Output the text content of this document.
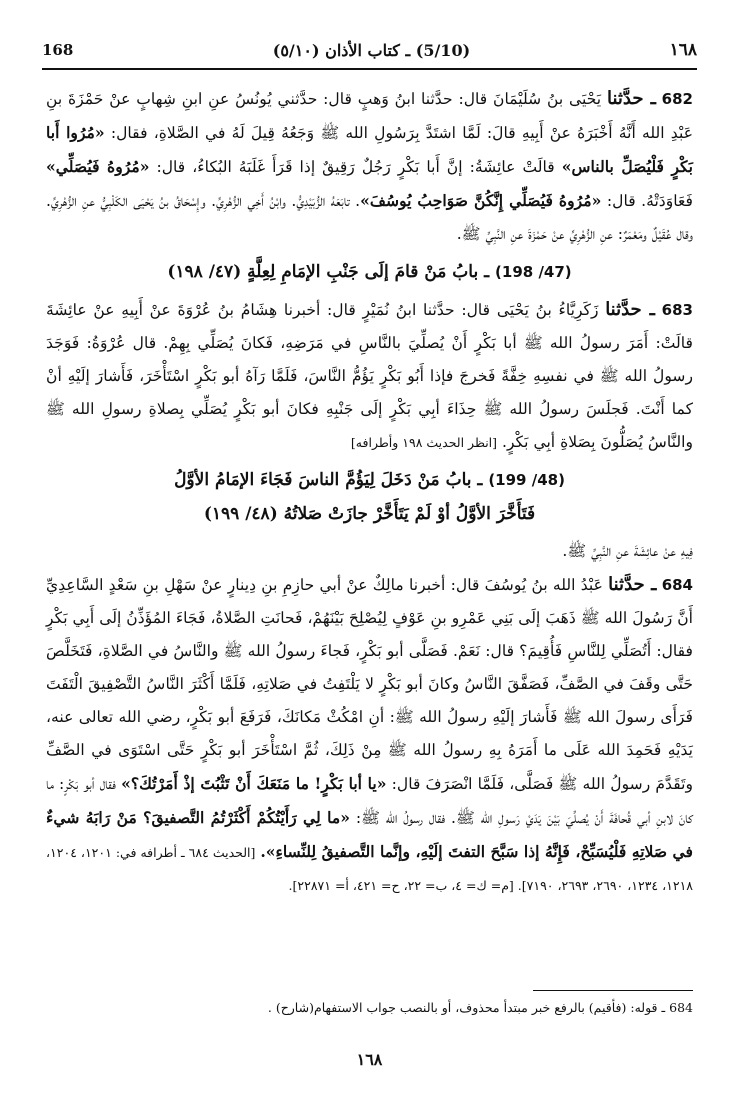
168	(5/10) ـ كتاب الأذان (٥/١٠)	١٦٨

682 ـ حدَّثنا يَحْيَى بنُ سُلَيْمَانَ قال: حدَّثنا ابنُ وَهبٍ قال: حدَّثني يُونُسُ عنِ ابنِ شِهابٍ عنْ حَمْزَةَ بنِ عَبْدِ الله أَنَّهُ أَخْبَرَهُ عنْ أَبِيهِ قالَ: لَمَّا اشتَدَّ بِرَسُولِ الله ﷺ وَجَعُهُ قِيلَ لَهُ في الصَّلاةِ، فقال: «مُرُوا أَبا بَكْرٍ فَلْيُصَلِّ بالناس» قالَتْ عائِشَةُ: إنَّ أَبا بَكْرٍ رَجُلٌ رَقِيقٌ إذا قَرَأَ غَلَبَهُ البُكاءُ، قال: «مُرُوهُ فَيُصَلِّي» فَعَاوَدَتْهُ. قال: «مُرُوهُ فَيُصَلِّي إِنَّكُنَّ صَوَاحِبُ يُوسُفَ». تابَعَهُ الزُّبَيْدِيُّ. وابْنُ أَخِي الزُّهْرِيِّ. وإِسْحَاقُ بنُ يَحْيَى الكَلْبِيُّ عنِ الزُّهْرِيِّ. وقال عُقَيْلٌ ومَعْمَرٌ: عنِ الزُّهْرِيِّ عنْ حَمْزَةَ عنِ النَّبِيِّ ﷺ.

(47/ 198) ـ بابُ مَنْ قامَ إلَى جَنْبِ الإمَامِ لِعِلَّةٍ (٤٧/ ١٩٨)

683 ـ حدَّثنا زَكَرِيَّاءُ بنُ يَحْيَى قال: حدَّثنا ابنُ نُمَيْرٍ قال: أخبرنا هِشَامُ بنُ عُرْوَةَ عنْ أَبِيهِ عنْ عائِشَةَ قالَتْ: أَمَرَ رسولُ الله ﷺ أبا بَكْرٍ أَنْ يُصلِّيَ بالنَّاسِ في مَرَضِهِ، فَكانَ يُصَلِّي بِهِمْ. قال عُرْوَةُ: فَوَجَدَ رسولُ الله ﷺ في نفسِهِ خِفَّةً فَخرجَ فإذا أَبُو بَكْرٍ يَؤُمُّ النَّاسَ، فَلَمَّا رَآهُ أبو بَكْرٍ اسْتَأْخَرَ، فَأَشارَ إلَيْهِ أنْ كما أَنْتَ. فَجلَسَ رسولُ الله ﷺ حِذَاءَ أبِي بَكْرٍ إلَى جَنْبِهِ فكانَ أبو بَكْرٍ يُصَلِّي بِصلاةِ رسولِ الله ﷺ والنَّاسُ يُصَلُّونَ بِصَلاةِ أبِي بَكْرٍ. [انظر الحديث ١٩٨ وأطرافه]

(48/ 199) ـ بابُ مَنْ دَخَلَ لِيَؤُمَّ الناسَ فَجَاءَ الإمَامُ الأوَّلُ
فَتَأَخَّرَ الأوَّلُ أوْ لَمْ يَتَأَخَّرْ جازَتْ صَلاتُهُ (٤٨/ ١٩٩)

فِيهِ عنْ عائِشَةَ عنِ النَّبِيِّ ﷺ.

684 ـ حدَّثنا عَبْدُ الله بنُ يُوسُفَ قال: أخبرنا مالِكٌ عنْ أبي حازِمِ بنِ دِينارٍ عنْ سَهْلِ بنِ سَعْدٍ السَّاعِدِيِّ أَنَّ رَسُولَ الله ﷺ ذَهَبَ إلَى بَنِي عَمْرِو بنِ عَوْفٍ لِيُصْلِحَ بَيْنَهُمْ، فَحانَتِ الصَّلاةُ، فَجَاءَ المُؤَذِّنُ إلَى أَبِي بَكْرٍ فقال: أَتُصَلِّي لِلنَّاسِ فَأُقِيمَ؟ قال: نَعَمْ. فَصَلَّى أبو بَكْرٍ، فَجاءَ رسولُ الله ﷺ والنَّاسُ في الصَّلاةِ، فَتَخَلَّصَ حَتَّى وقَفَ في الصَّفِّ، فَصَفَّقَ النَّاسُ وكانَ أبو بَكْرٍ لا يَلْتَفِتُ في صَلاتِهِ، فَلَمَّا أَكْثَرَ النَّاسُ التَّصْفِيقَ الْتَفَتَ فَرَأَى رسولَ الله ﷺ فَأَشارَ إلَيْهِ رسولُ الله ﷺ: أنِ امْكُثْ مَكانَكَ، فَرَفَعَ أبو بَكْرٍ، رضي الله تعالى عنه، يَدَيْهِ فَحَمِدَ الله عَلَى ما أَمَرَهُ بِهِ رسولُ الله ﷺ مِنْ ذَلِكَ، ثُمَّ اسْتَأْخَرَ أبو بَكْرٍ حَتَّى اسْتَوَى في الصَّفِّ وتَقَدَّمَ رسولُ الله ﷺ فَصَلَّى، فَلَمَّا انْصَرَفَ قال: «يا أبا بَكْرٍ! ما مَنَعَكَ أَنْ تَثْبُتَ إذْ أَمَرْتُكَ؟» فقال أبو بَكْرٍ: ما كانَ لابنِ أبي قُحافَةَ أَنْ يُصلِّيَ بَيْنَ يَدَيْ رَسولِ الله ﷺ. فقال رسولُ الله ﷺ: «ما لِي رَأَيْتُكُمْ أَكْثَرْتُمُ التَّصفيقَ؟ مَنْ رَابَهُ شيءٌ في صَلاتِهِ فَلْيُسَبِّحْ، فَإِنَّهُ إذا سَبَّحَ التفتَ إلَيْهِ، وإنَّما التَّصفيقُ لِلنِّساءِ». [الحديث ٦٨٤ ـ أطرافه في: ١٢٠١، ١٢٠٤، ١٢١٨، ١٢٣٤، ٢٦٩٠، ٢٦٩٣، ٧١٩٠]. [م= ك= ٤، ب= ٢٢، ح= ٤٢١، أ= ٢٢٨٧١].

684 ـ قوله: (فأقيم) بالرفع خبر مبتدأ محذوف، أو بالنصب جواب الاستفهام(شارح) .
١٦٨
